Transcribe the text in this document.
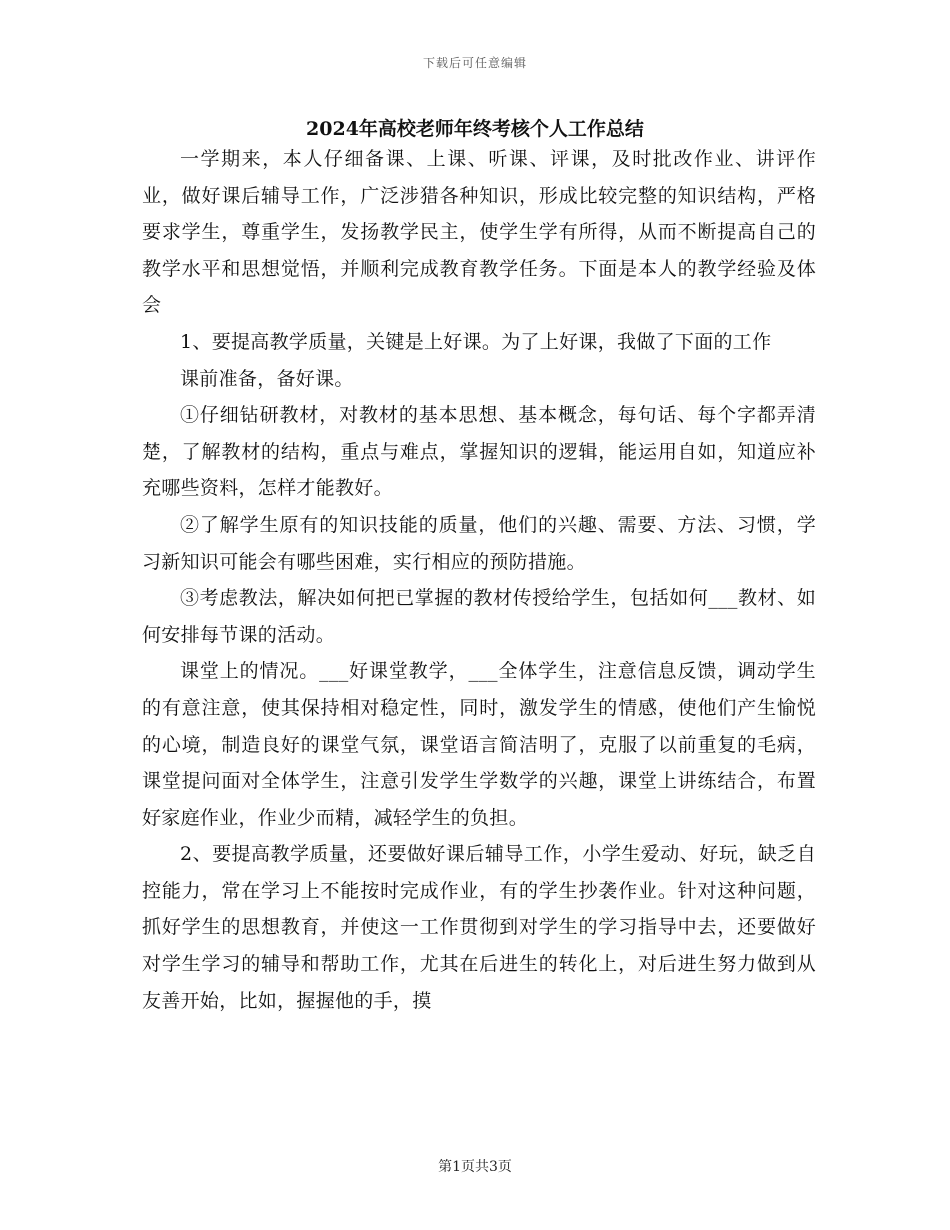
下载后可任意编辑
2024年高校老师年终考核个人工作总结

一学期来，本人仔细备课、上课、听课、评课，及时批改作业、讲评作业，做好课后辅导工作，广泛涉猎各种知识，形成比较完整的知识结构，严格要求学生，尊重学生，发扬教学民主，使学生学有所得，从而不断提高自己的教学水平和思想觉悟，并顺利完成教育教学任务。下面是本人的教学经验及体会

1、要提高教学质量，关键是上好课。为了上好课，我做了下面的工作

课前准备，备好课。

①仔细钻研教材，对教材的基本思想、基本概念，每句话、每个字都弄清楚，了解教材的结构，重点与难点，掌握知识的逻辑，能运用自如，知道应补充哪些资料，怎样才能教好。

②了解学生原有的知识技能的质量，他们的兴趣、需要、方法、习惯，学习新知识可能会有哪些困难，实行相应的预防措施。

③考虑教法，解决如何把已掌握的教材传授给学生，包括如何___教材、如何安排每节课的活动。

课堂上的情况。___好课堂教学，___全体学生，注意信息反馈，调动学生的有意注意，使其保持相对稳定性，同时，激发学生的情感，使他们产生愉悦的心境，制造良好的课堂气氛，课堂语言简洁明了，克服了以前重复的毛病，课堂提问面对全体学生，注意引发学生学数学的兴趣，课堂上讲练结合，布置好家庭作业，作业少而精，减轻学生的负担。

2、要提高教学质量，还要做好课后辅导工作，小学生爱动、好玩，缺乏自控能力，常在学习上不能按时完成作业，有的学生抄袭作业。针对这种问题，抓好学生的思想教育，并使这一工作贯彻到对学生的学习指导中去，还要做好对学生学习的辅导和帮助工作，尤其在后进生的转化上，对后进生努力做到从友善开始，比如，握握他的手，摸

第1页共3页
